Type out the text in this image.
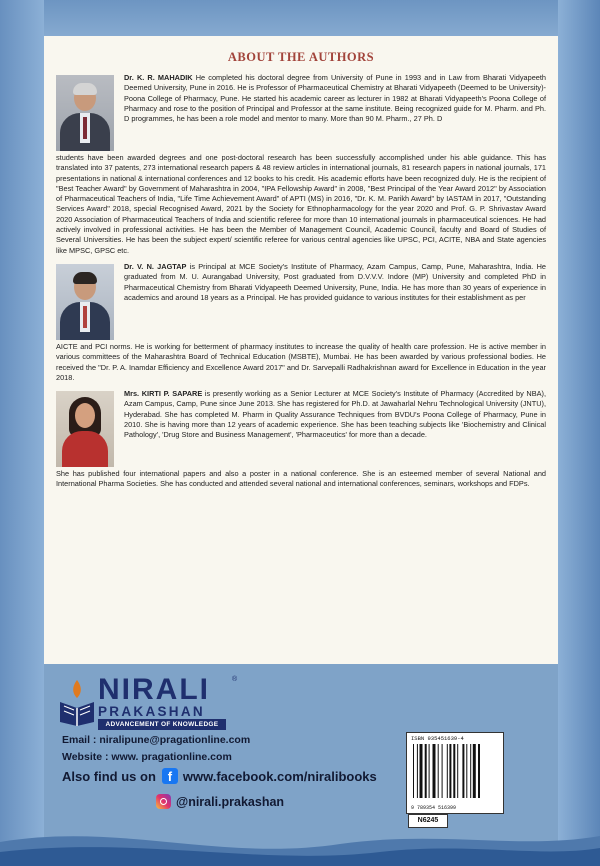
ABOUT THE AUTHORS

Dr. K. R. MAHADIK He completed his doctoral degree from University of Pune in 1993 and in Law from Bharati Vidyapeeth Deemed University, Pune in 2016. He is Professor of Pharmaceutical Chemistry at Bharati Vidyapeeth (Deemed to be University)- Poona College of Pharmacy, Pune. He started his academic career as lecturer in 1982 at Bharati Vidyapeeth's Poona College of Pharmacy and rose to the position of Principal and Professor at the same institute. Being recognized guide for M. Pharm. and Ph. D programmes, he has been a role model and mentor to many. More than 90 M. Pharm., 27 Ph. D

students have been awarded degrees and one post-doctoral research has been successfully accomplished under his able guidance. This has translated into 37 patents, 273 international research papers & 48 review articles in international journals, 81 research papers in national journals, 171 presentations in national & international conferences and 12 books to his credit. His academic efforts have been recognized duly. He is the recipient of "Best Teacher Award" by Government of Maharashtra in 2004, "IPA Fellowship Award" in 2008, "Best Principal of the Year Award 2012" by Association of Pharmaceutical Teachers of India, "Life Time Achievement Award" of APTI (MS) in 2016, "Dr. K. M. Parikh Award" by IASTAM in 2017, "Outstanding Services Award" 2018, special Recognised Award, 2021 by the Society for Ethnopharmacology for the year 2020 and Prof. G. P. Shrivastav Award 2020 Association of Pharmaceutical Teachers of India and scientific referee for more than 10 international journals in pharmaceutical sciences. He had actively involved in professional activities. He has been the Member of Management Council, Academic Council, faculty and Board of Studies of Several Universities. He has been the subject expert/ scientific referee for various central agencies like UPSC, PCI, ACITE, NBA and State agencies like MPSC, GPSC etc.

Dr. V. N. JAGTAP is Principal at MCE Society's Institute of Pharmacy, Azam Campus, Camp, Pune, Maharashtra, India. He graduated from M. U. Aurangabad University, Post graduated from D.V.V.V. Indore (MP) University and completed PhD in Pharmaceutical Chemistry from Bharati Vidyapeeth Deemed University, Pune, India. He has more than 30 years of experience in academics and around 18 years as a Principal. He has provided guidance to various institutes for their establishment as per

AICTE and PCI norms. He is working for betterment of pharmacy institutes to increase the quality of health care profession. He is active member in various committees of the Maharashtra Board of Technical Education (MSBTE), Mumbai. He has been awarded by various professional bodies. He received the "Dr. P. A. Inamdar Efficiency and Excellence Award 2017" and Dr. Sarvepalli Radhakrishnan award for Excellence in Education in the year 2018.

Mrs. KIRTI P. SAPARE is presently working as a Senior Lecturer at MCE Society's Institute of Pharmacy (Accredited by NBA), Azam Campus, Camp, Pune since June 2013. She has registered for Ph.D. at Jawaharlal Nehru Technological University (JNTU), Hyderabad. She has completed M. Pharm in Quality Assurance Techniques from BVDU's Poona College of Pharmacy, Pune in 2010. She is having more than 12 years of academic experience. She has been teaching subjects like 'Biochemistry and Clinical Pathology', 'Drug Store and Business Management', 'Pharmaceutics' for more than a decade.

She has published four international papers and also a poster in a national conference. She is an esteemed member of several National and International Pharma Societies. She has conducted and attended several national and international conferences, seminars, workshops and FDPs.

NIRALI	®
PRAKASHAN
ADVANCEMENT OF KNOWLEDGE
Email : niralipune@pragationline.com
Website : www. pragationline.com
Also find us on f www.facebook.com/niralibooks
@nirali.prakashan
ISBN 935451639-4
9 789354 516399
N6245
